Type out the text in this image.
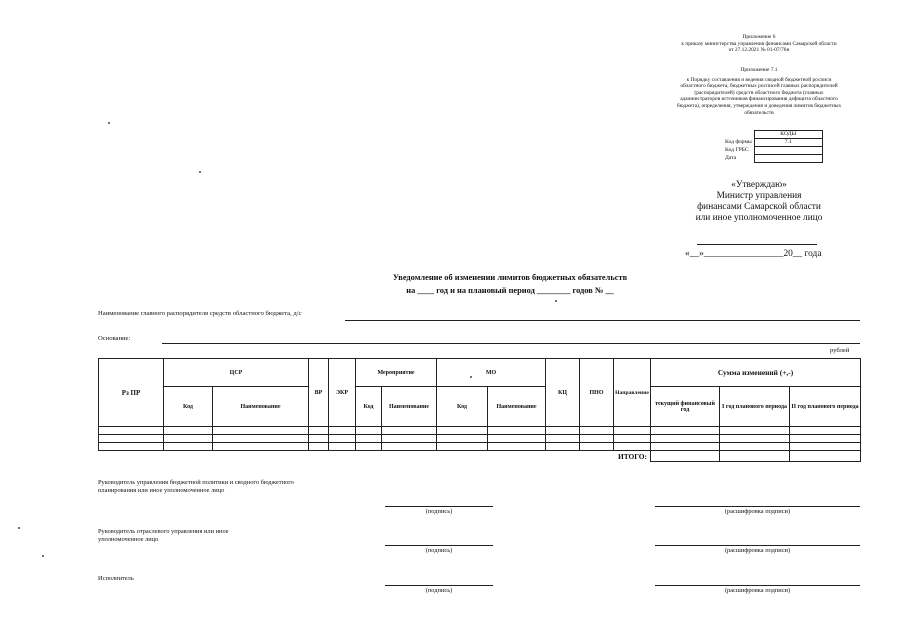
Приложение 6
к приказу министерства управления финансами Самарской области
от 27.12.2021 № 01-07/76н
Приложение 7.1
к Порядку составления и ведения сводной бюджетной росписи
областного бюджета, бюджетных росписей главных распорядителей
(распорядителей) средств областного бюджета (главных
администраторов источников финансирования дефицита областного
бюджета), определения, утверждения и доведения лимитов бюджетных
обязательств
	КОДЫ
Код формы	7.1
Код ГРБС	
Дата	
«Утверждаю»
Министр управления
финансами Самарской области
или иное уполномоченное лицо
«__»_________________20__ года
Уведомление об изменении лимитов бюджетных обязательств
на ____ год и на плановый период ________ годов № __
Наименование главного распорядителя средств областного бюджета, д/с
Основание:
рублей
Рз ПР	ЦСР		ВР	ЭКР	Мероприятие		МО		КЦ	ПНО	Направление	Сумма изменений (+,-)		
	Код	Наименование			Код	Наименование	Код	Наименование				текущий финансовый год	I год планового периода	II год планового периода

ИТОГО:														
Руководитель управления бюджетной политики и сводного бюджетного планирования или иное уполномоченное лицо
(подпись)	(расшифровка подписи)
Руководитель отраслевого управления или иное уполномоченное лицо
(подпись)	(расшифровка подписи)
Исполнитель
(подпись)	(расшифровка подписи)
